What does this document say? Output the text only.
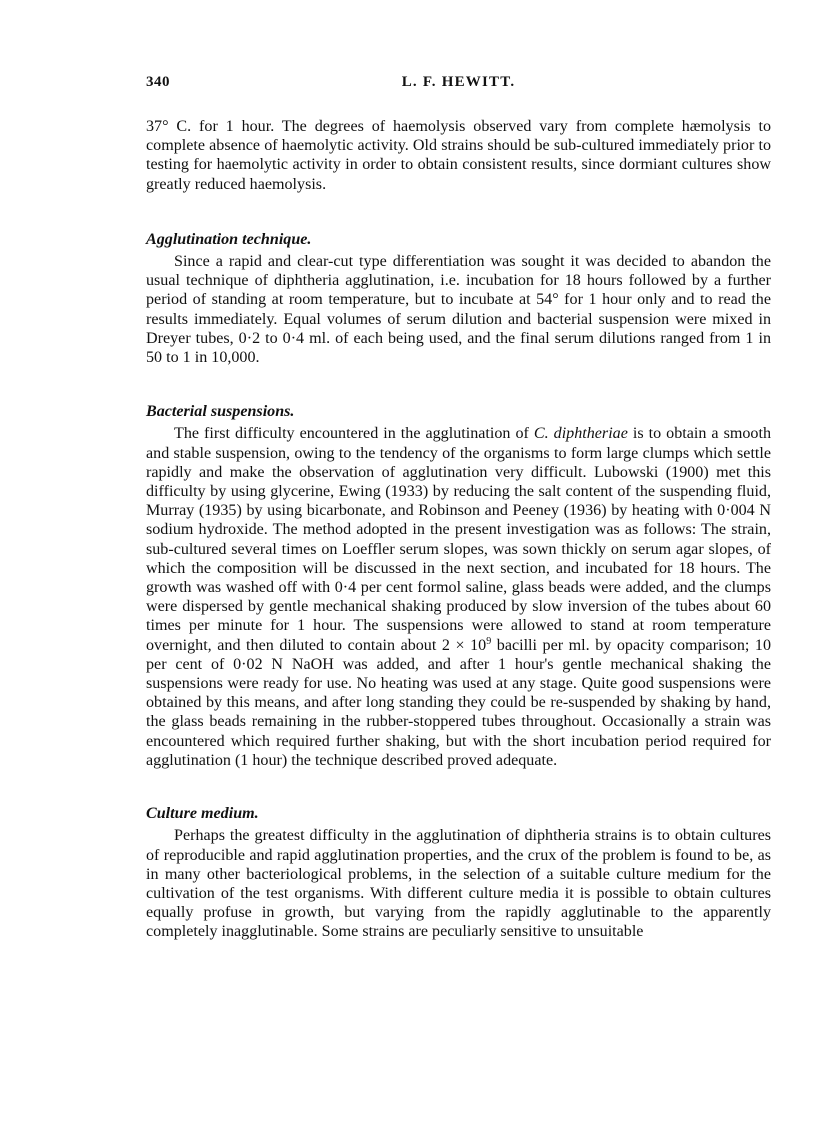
340	L. F. HEWITT.

37° C. for 1 hour. The degrees of haemolysis observed vary from complete hæmolysis to complete absence of haemolytic activity. Old strains should be sub-cultured immediately prior to testing for haemolytic activity in order to obtain consistent results, since dormiant cultures show greatly reduced haemolysis.

Agglutination technique.

Since a rapid and clear-cut type differentiation was sought it was decided to abandon the usual technique of diphtheria agglutination, i.e. incubation for 18 hours followed by a further period of standing at room temperature, but to incubate at 54° for 1 hour only and to read the results immediately. Equal volumes of serum dilution and bacterial suspension were mixed in Dreyer tubes, 0·2 to 0·4 ml. of each being used, and the final serum dilutions ranged from 1 in 50 to 1 in 10,000.

Bacterial suspensions.

The first difficulty encountered in the agglutination of C. diphtheriae is to obtain a smooth and stable suspension, owing to the tendency of the organisms to form large clumps which settle rapidly and make the observation of agglutination very difficult. Lubowski (1900) met this difficulty by using glycerine, Ewing (1933) by reducing the salt content of the suspending fluid, Murray (1935) by using bicarbonate, and Robinson and Peeney (1936) by heating with 0·004 N sodium hydroxide. The method adopted in the present investigation was as follows: The strain, sub-cultured several times on Loeffler serum slopes, was sown thickly on serum agar slopes, of which the composition will be discussed in the next section, and incubated for 18 hours. The growth was washed off with 0·4 per cent formol saline, glass beads were added, and the clumps were dispersed by gentle mechanical shaking produced by slow inversion of the tubes about 60 times per minute for 1 hour. The suspensions were allowed to stand at room temperature overnight, and then diluted to contain about $2 \times 10^9$ bacilli per ml. by opacity comparison; 10 per cent of 0·02 N NaOH was added, and after 1 hour's gentle mechanical shaking the suspensions were ready for use. No heating was used at any stage. Quite good suspensions were obtained by this means, and after long standing they could be re-suspended by shaking by hand, the glass beads remaining in the rubber-stoppered tubes throughout. Occasionally a strain was encountered which required further shaking, but with the short incubation period required for agglutination (1 hour) the technique described proved adequate.

Culture medium.

Perhaps the greatest difficulty in the agglutination of diphtheria strains is to obtain cultures of reproducible and rapid agglutination properties, and the crux of the problem is found to be, as in many other bacteriological problems, in the selection of a suitable culture medium for the cultivation of the test organisms. With different culture media it is possible to obtain cultures equally profuse in growth, but varying from the rapidly agglutinable to the apparently completely inagglutinable. Some strains are peculiarly sensitive to unsuitable
